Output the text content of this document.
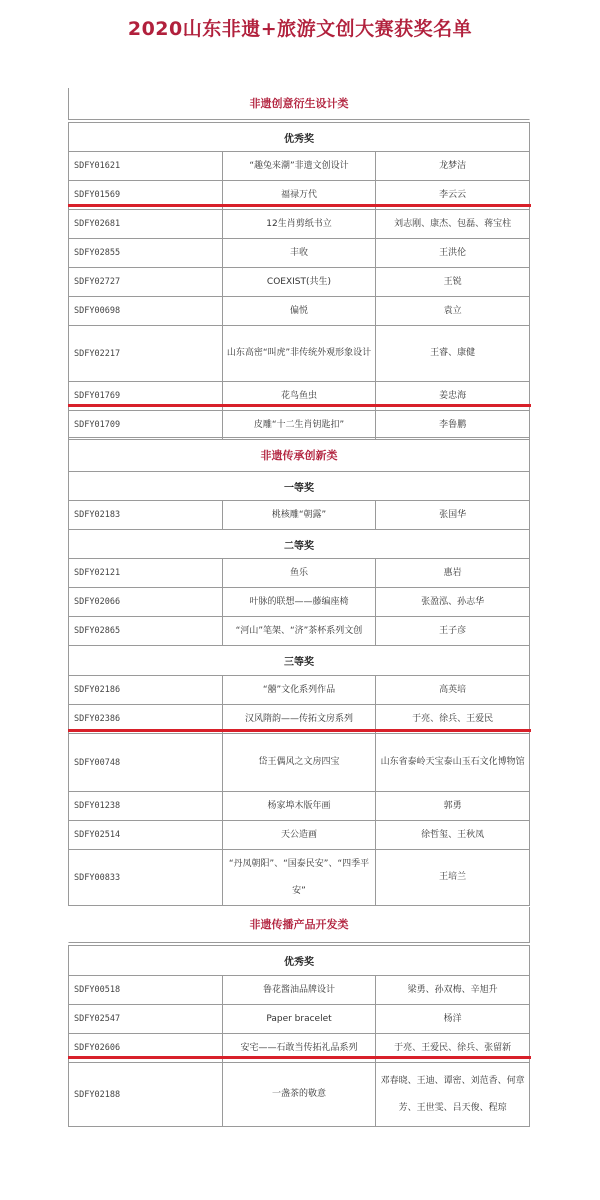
2020山东非遗+旅游文创大赛获奖名单
非遗创意衍生设计类
优秀奖		
SDFY01621	“趣兔来潮”非遗文创设计	龙梦洁
SDFY01569	福禄万代	李云云
SDFY02681	12生肖剪纸书立	刘志刚、康杰、包磊、蒋宝柱
SDFY02855	丰收	王洪伦
SDFY02727	COEXIST(共生)	王锐
SDFY00698	偏悦	袁立
SDFY02217	山东高密“叫虎”非传统外观形象设计	王睿、康健
SDFY01769	花鸟鱼虫	姜忠海
SDFY01709	皮雕“十二生肖钥匙扣”	李鲁鹏
非遗传承创新类		
一等奖		
SDFY02183	桃核雕“朝露”	张国华
二等奖		
SDFY02121	鱼乐	惠岩
SDFY02066	叶脉的联想——藤编座椅	张盈泓、孙志华
SDFY02865	“河山”笔架、“济”茶杯系列文创	王子彦
三等奖		
SDFY02186	“囍”文化系列作品	高英培
SDFY02386	汉风隋韵——传拓文房系列	于亮、徐兵、王爱民
SDFY00748	岱王偶风之文房四宝	山东省泰岭天宝泰山玉石文化博物馆
SDFY01238	杨家埠木版年画	郭勇
SDFY02514	天公造画	徐哲玺、王秋凤
SDFY00833	“丹凤朝阳”、“国泰民安”、“四季平安”	王培兰
非遗传播产品开发类
优秀奖		
SDFY00518	鲁花酱油品牌设计	梁勇、孙双梅、辛旭升
SDFY02547	Paper bracelet	杨洋
SDFY02606	安宅——石敢当传拓礼品系列	于亮、王爱民、徐兵、张留新
SDFY02188	一盏茶的敬意	邓春晓、王迪、谭密、刘范香、何章芳、王世雯、吕天俊、程琼
